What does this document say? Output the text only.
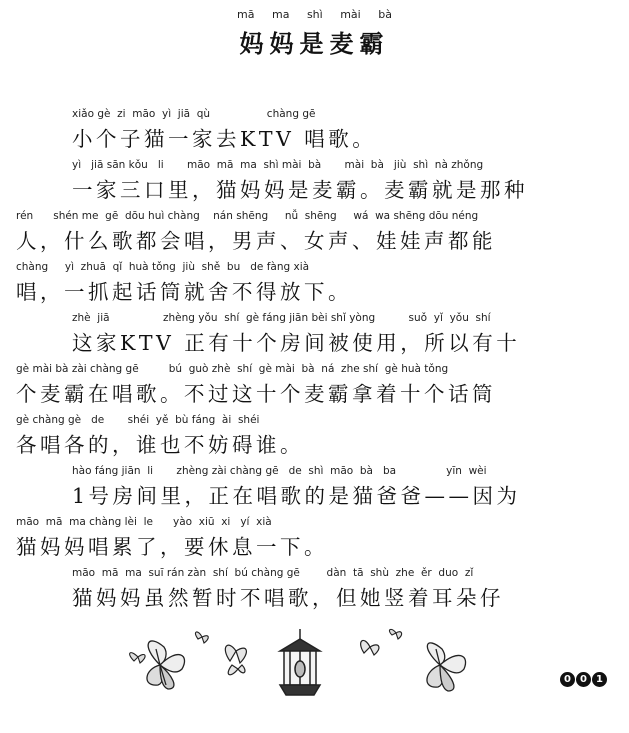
mā ma shì mài bà
妈妈是麦霸
xiǎo gè  zi  māo  yì  jiā  qù                 chàng gē
小个子猫一家去KTV 唱歌。
yì   jiā sān kǒu   li       māo  mā  ma  shì mài  bà       mài  bà   jiù  shì  nà zhǒng
一家三口里，猫妈妈是麦霸。麦霸就是那种
rén      shén me  gē  dōu huì chàng    nán shēng     nǚ  shēng     wá  wa shēng dōu néng
人，什么歌都会唱，男声、女声、娃娃声都能
chàng     yì  zhuā  qǐ  huà tǒng  jiù  shě  bu   de fàng xià
唱，一抓起话筒就舍不得放下。
zhè  jiā                zhèng yǒu  shí  gè fáng jiān bèi shǐ yòng          suǒ  yǐ  yǒu  shí
这家KTV 正有十个房间被使用，所以有十
gè mài bà zài chàng gē         bú  guò zhè  shí  gè mài  bà  ná  zhe shí  gè huà tǒng
个麦霸在唱歌。不过这十个麦霸拿着十个话筒
gè chàng gè   de       shéi  yě  bù fáng  ài  shéi
各唱各的，谁也不妨碍谁。
hào fáng jiān  li       zhèng zài chàng gē   de  shì  māo  bà   ba               yīn  wèi
1号房间里，正在唱歌的是猫爸爸——因为
māo  mā  ma chàng lèi  le      yào  xiū  xi   yí  xià
猫妈妈唱累了，要休息一下。
māo  mā  ma  suī rán zàn  shí  bú chàng gē        dàn  tā  shù  zhe  ěr  duo  zǐ
猫妈妈虽然暂时不唱歌，但她竖着耳朵仔
0 0 1
